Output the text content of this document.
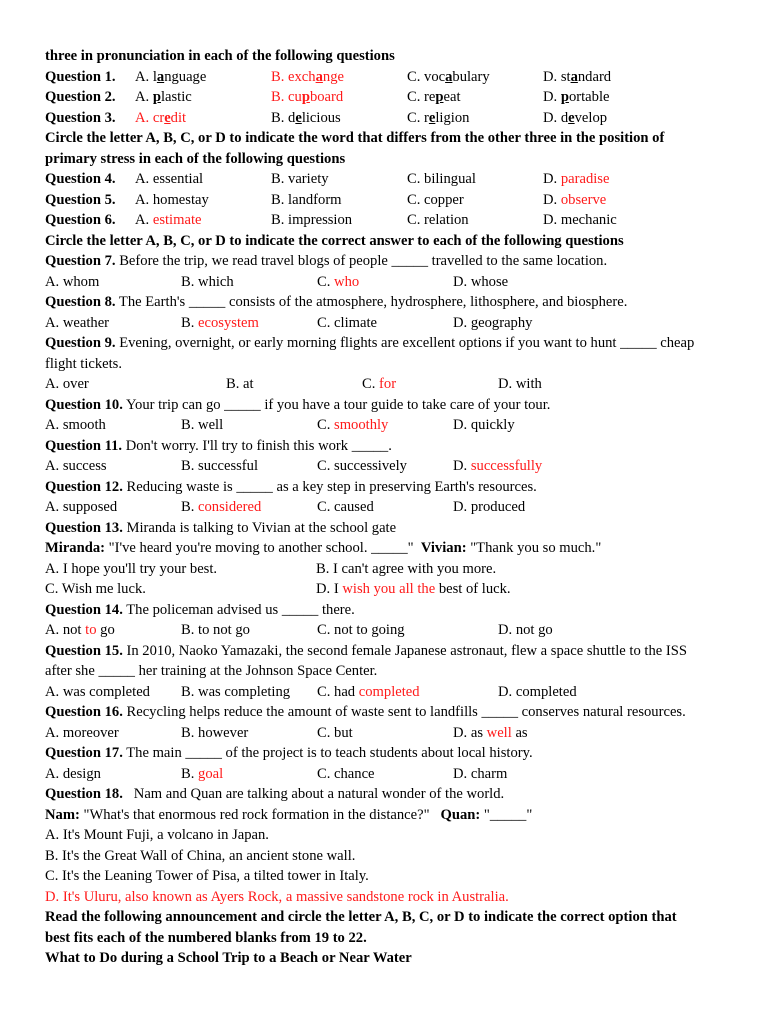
three in pronunciation in each of the following questions
Question 1.	A. language	B. exchange	C. vocabulary	D. standard
Question 2.	A. plastic	B. cupboard	C. repeat	D. portable
Question 3.	A. credit	B. delicious	C. religion	D. develop
Circle the letter A, B, C, or D to indicate the word that differs from the other three in the position of
primary stress in each of the following questions
Question 4.	A. essential	B. variety	C. bilingual	D. paradise
Question 5.	A. homestay	B. landform	C. copper	D. observe
Question 6.	A. estimate	B. impression	C. relation	D. mechanic
Circle the letter A, B, C, or D to indicate the correct answer to each of the following questions
Question 7. Before the trip, we read travel blogs of people _____ travelled to the same location.
A. whom	B. which	C. who	D. whose
Question 8. The Earth's _____ consists of the atmosphere, hydrosphere, lithosphere, and biosphere.
A. weather	B. ecosystem	C. climate	D. geography
Question 9. Evening, overnight, or early morning flights are excellent options if you want to hunt _____ cheap flight tickets.
A. over	B. at	C. for	D. with
Question 10. Your trip can go _____ if you have a tour guide to take care of your tour.
A. smooth	B. well	C. smoothly	D. quickly
Question 11. Don't worry. I'll try to finish this work _____.
A. success	B. successful	C. successively	D. successfully
Question 12. Reducing waste is _____ as a key step in preserving Earth's resources.
A. supposed	B. considered	C. caused	D. produced
Question 13. Miranda is talking to Vivian at the school gate
Miranda: "I've heard you're moving to another school. _____"  Vivian: "Thank you so much."
A. I hope you'll try your best.	B. I can't agree with you more.
C. Wish me luck.	D. I wish you all the best of luck.
Question 14. The policeman advised us _____ there.
A. not to go	B. to not go	C. not to going	D. not go
Question 15. In 2010, Naoko Yamazaki, the second female Japanese astronaut, flew a space shuttle to the ISS after she _____ her training at the Johnson Space Center.
A. was completed	B. was completing	C. had completed	D. completed
Question 16. Recycling helps reduce the amount of waste sent to landfills _____ conserves natural resources.
A. moreover	B. however	C. but	D. as well as
Question 17. The main _____ of the project is to teach students about local history.
A. design	B. goal	C. chance	D. charm
Question 18.   Nam and Quan are talking about a natural wonder of the world.
Nam: "What's that enormous red rock formation in the distance?"   Quan: "_____"
A. It's Mount Fuji, a volcano in Japan.
B. It's the Great Wall of China, an ancient stone wall.
C. It's the Leaning Tower of Pisa, a tilted tower in Italy.
D. It's Uluru, also known as Ayers Rock, a massive sandstone rock in Australia.
Read the following announcement and circle the letter A, B, C, or D to indicate the correct option that
best fits each of the numbered blanks from 19 to 22.
What to Do during a School Trip to a Beach or Near Water
